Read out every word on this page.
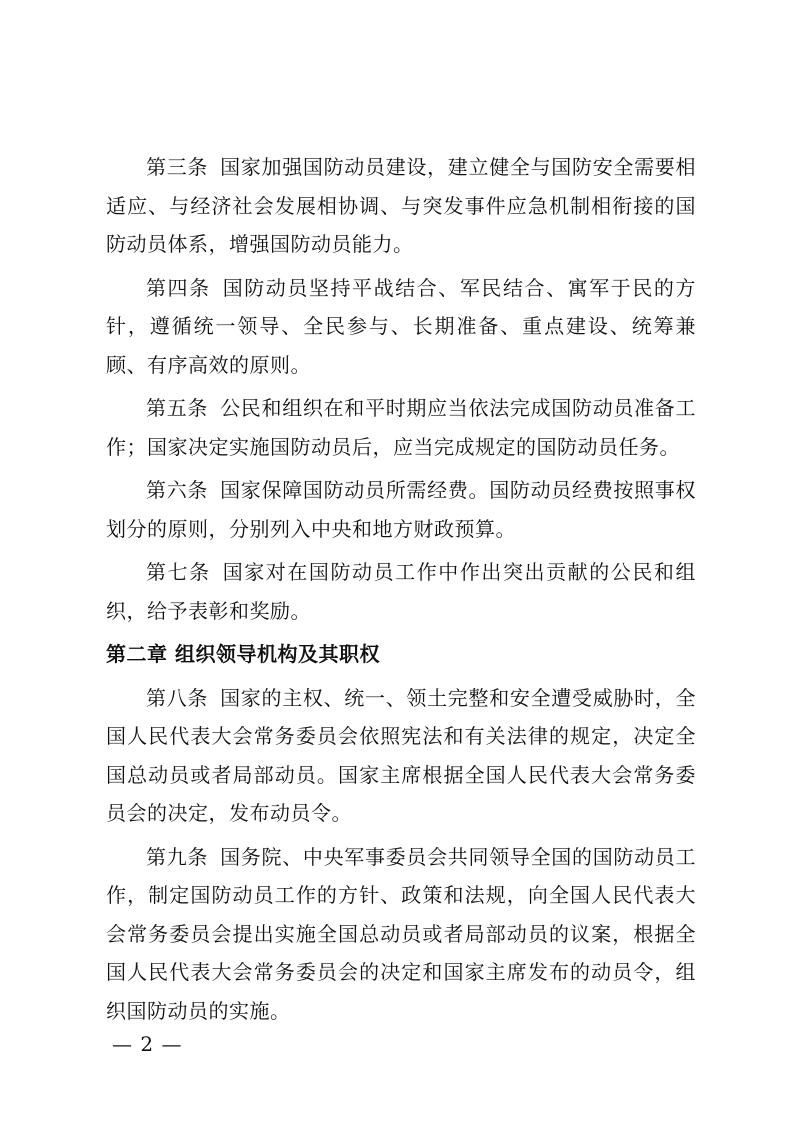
第三条 国家加强国防动员建设，建立健全与国防安全需要相适应、与经济社会发展相协调、与突发事件应急机制相衔接的国防动员体系，增强国防动员能力。

第四条 国防动员坚持平战结合、军民结合、寓军于民的方针，遵循统一领导、全民参与、长期准备、重点建设、统筹兼顾、有序高效的原则。

第五条 公民和组织在和平时期应当依法完成国防动员准备工作；国家决定实施国防动员后，应当完成规定的国防动员任务。

第六条 国家保障国防动员所需经费。国防动员经费按照事权划分的原则，分别列入中央和地方财政预算。

第七条 国家对在国防动员工作中作出突出贡献的公民和组织，给予表彰和奖励。

第二章 组织领导机构及其职权

第八条 国家的主权、统一、领土完整和安全遭受威胁时，全国人民代表大会常务委员会依照宪法和有关法律的规定，决定全国总动员或者局部动员。国家主席根据全国人民代表大会常务委员会的决定，发布动员令。

第九条 国务院、中央军事委员会共同领导全国的国防动员工作，制定国防动员工作的方针、政策和法规，向全国人民代表大会常务委员会提出实施全国总动员或者局部动员的议案，根据全国人民代表大会常务委员会的决定和国家主席发布的动员令，组织国防动员的实施。

— 2 —
